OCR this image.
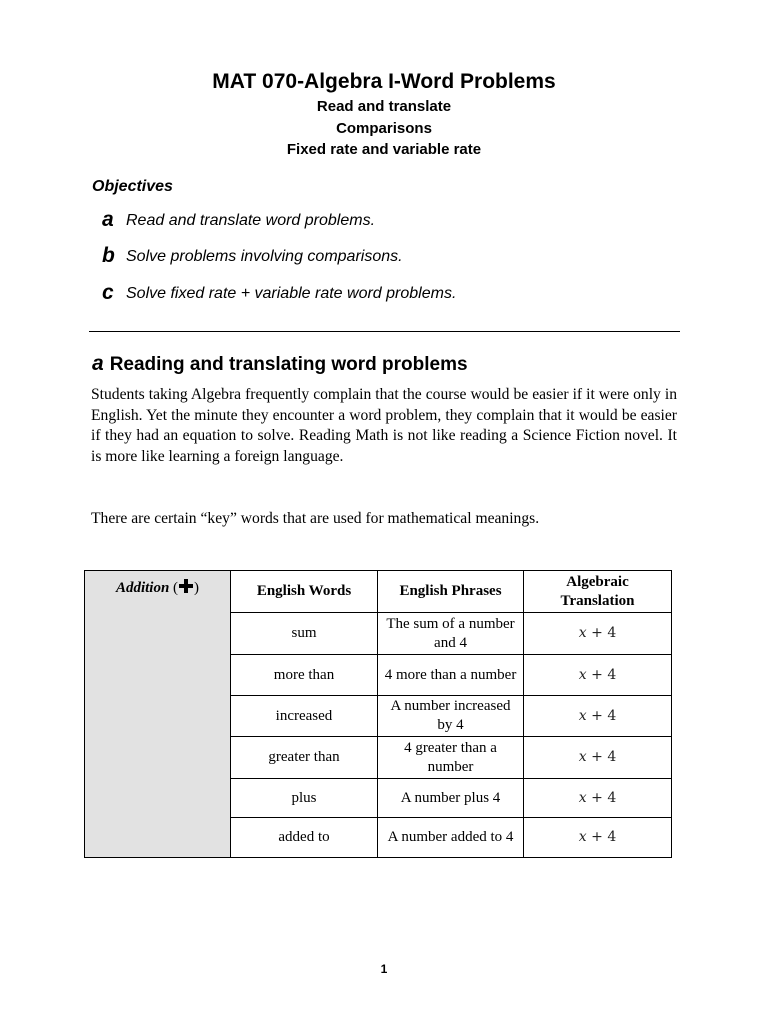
MAT 070-Algebra I-Word Problems
Read and translate
Comparisons
Fixed rate and variable rate
Objectives
a Read and translate word problems.
b Solve problems involving comparisons.
c Solve fixed rate + variable rate word problems.
a Reading and translating word problems

Students taking Algebra frequently complain that the course would be easier if it were only in English. Yet the minute they encounter a word problem, they complain that it would be easier if they had an equation to solve. Reading Math is not like reading a Science Fiction novel. It is more like learning a foreign language.

There are certain “key” words that are used for mathematical meanings.

Addition ( )	English Words	English Phrases	Algebraic Translation
	sum	The sum of a number and 4	x + 4
	more than	4 more than a number	x + 4
	increased	A number increased by 4	x + 4
	greater than	4 greater than a number	x + 4
	plus	A number plus 4	x + 4
	added to	A number added to 4	x + 4
1
